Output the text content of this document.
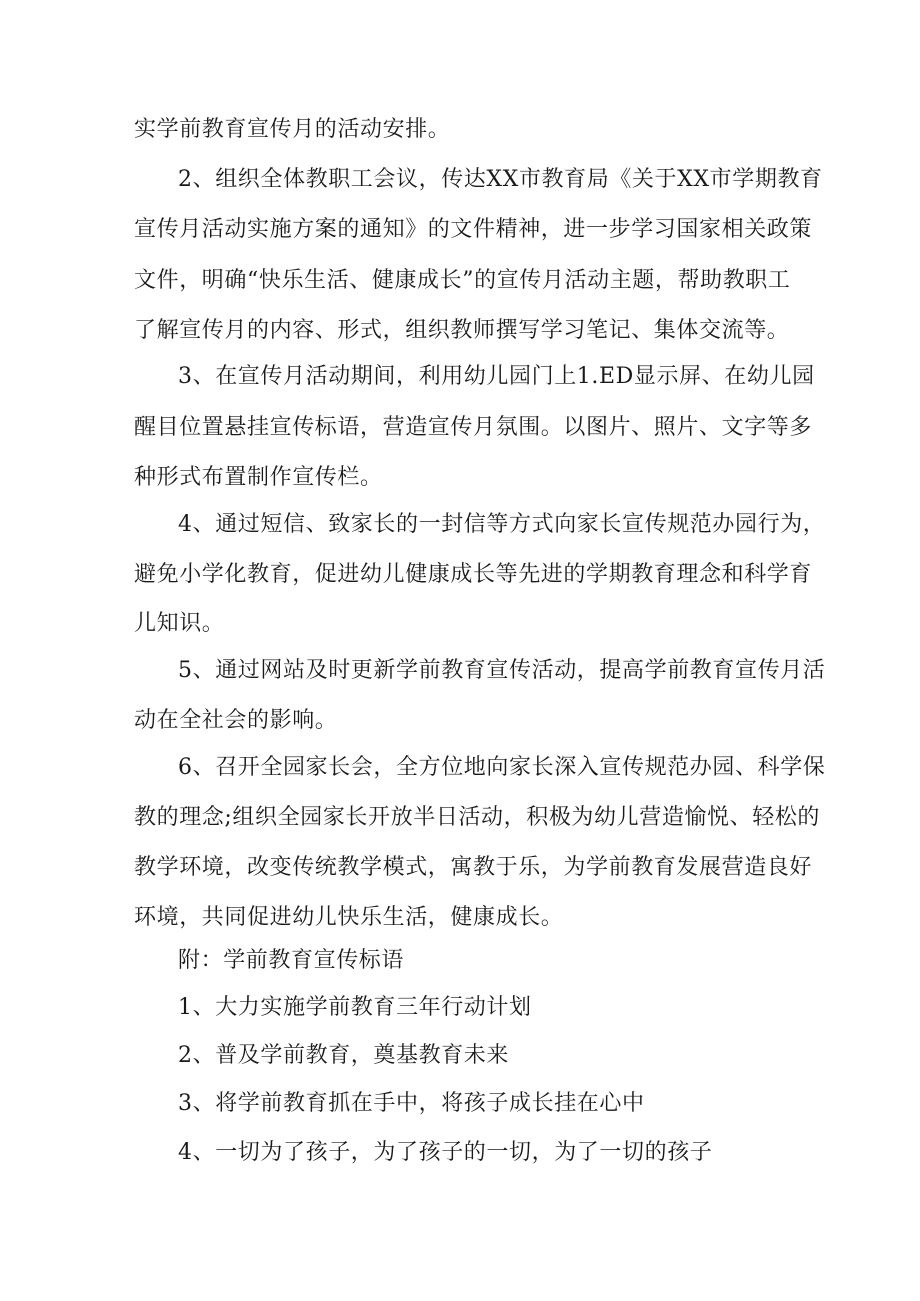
实学前教育宣传月的活动安排。
2、组织全体教职工会议，传达XX市教育局《关于XX市学期教育
宣传月活动实施方案的通知》的文件精神，进一步学习国家相关政策
文件，明确“快乐生活、健康成长”的宣传月活动主题，帮助教职工
了解宣传月的内容、形式，组织教师撰写学习笔记、集体交流等。
3、在宣传月活动期间，利用幼儿园门上1.ED显示屏、在幼儿园
醒目位置悬挂宣传标语，营造宣传月氛围。以图片、照片、文字等多
种形式布置制作宣传栏。
4、通过短信、致家长的一封信等方式向家长宣传规范办园行为，
避免小学化教育，促进幼儿健康成长等先进的学期教育理念和科学育
儿知识。
5、通过网站及时更新学前教育宣传活动，提高学前教育宣传月活
动在全社会的影响。
6、召开全园家长会，全方位地向家长深入宣传规范办园、科学保
教的理念;组织全园家长开放半日活动，积极为幼儿营造愉悦、轻松的
教学环境，改变传统教学模式，寓教于乐，为学前教育发展营造良好
环境，共同促进幼儿快乐生活，健康成长。
附：学前教育宣传标语
1、大力实施学前教育三年行动计划
2、普及学前教育，奠基教育未来
3、将学前教育抓在手中，将孩子成长挂在心中
4、一切为了孩子，为了孩子的一切，为了一切的孩子
